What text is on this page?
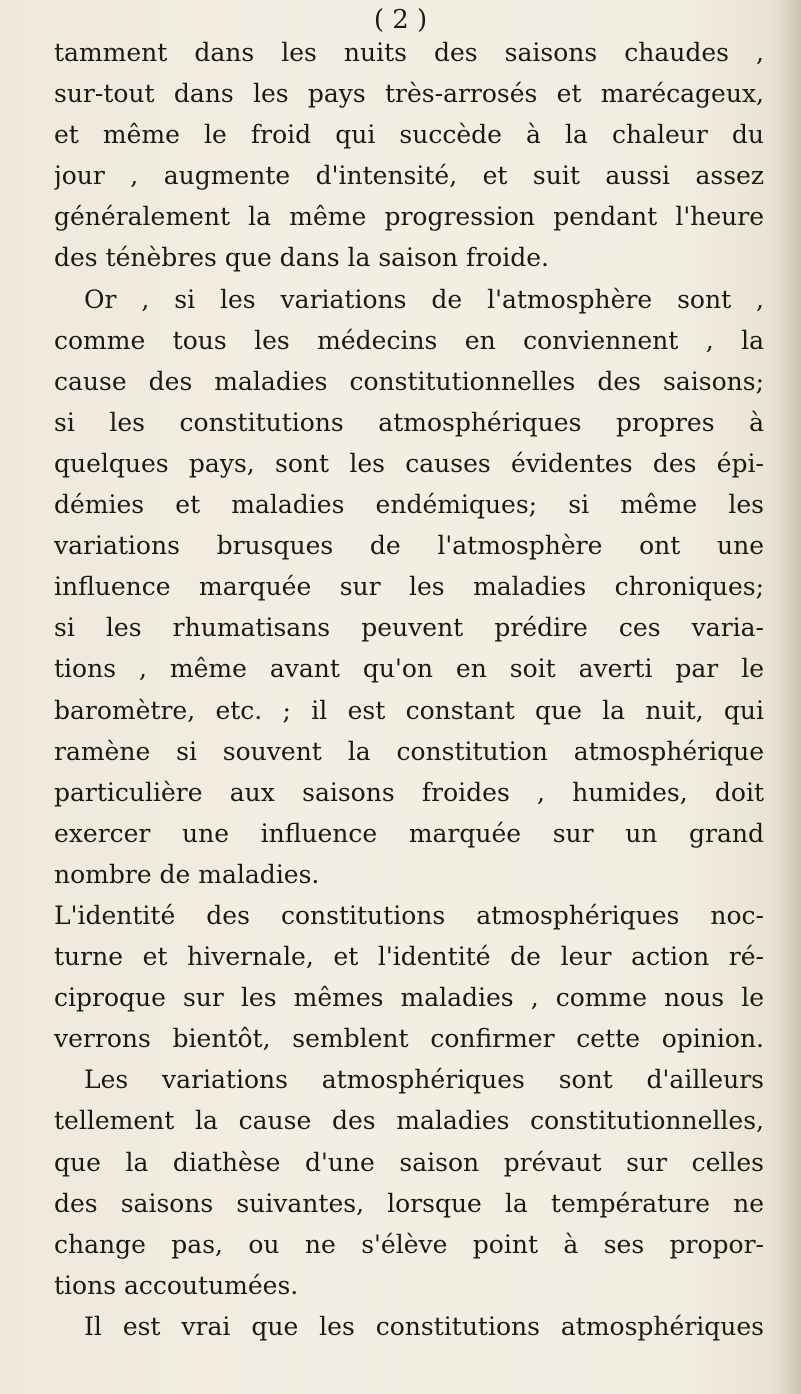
( 2 )
tamment dans les nuits des saisons chaudes ,
sur-tout dans les pays très-arrosés et marécageux,
et même le froid qui succède à la chaleur du
jour , augmente d'intensité, et suit aussi assez
généralement la même progression pendant l'heure
des ténèbres que dans la saison froide.
Or , si les variations de l'atmosphère sont ,
comme tous les médecins en conviennent , la
cause des maladies constitutionnelles des saisons;
si les constitutions atmosphériques propres à
quelques pays, sont les causes évidentes des épi-
démies et maladies endémiques; si même les
variations brusques de l'atmosphère ont une
influence marquée sur les maladies chroniques;
si les rhumatisans peuvent prédire ces varia-
tions , même avant qu'on en soit averti par le
baromètre, etc. ; il est constant que la nuit, qui
ramène si souvent la constitution atmosphérique
particulière aux saisons froides , humides, doit
exercer une influence marquée sur un grand
nombre de maladies.
L'identité des constitutions atmosphériques noc-
turne et hivernale, et l'identité de leur action ré-
ciproque sur les mêmes maladies , comme nous le
verrons bientôt, semblent confirmer cette opinion.
Les variations atmosphériques sont d'ailleurs
tellement la cause des maladies constitutionnelles,
que la diathèse d'une saison prévaut sur celles
des saisons suivantes, lorsque la température ne
change pas, ou ne s'élève point à ses propor-
tions accoutumées.
Il est vrai que les constitutions atmosphériques
